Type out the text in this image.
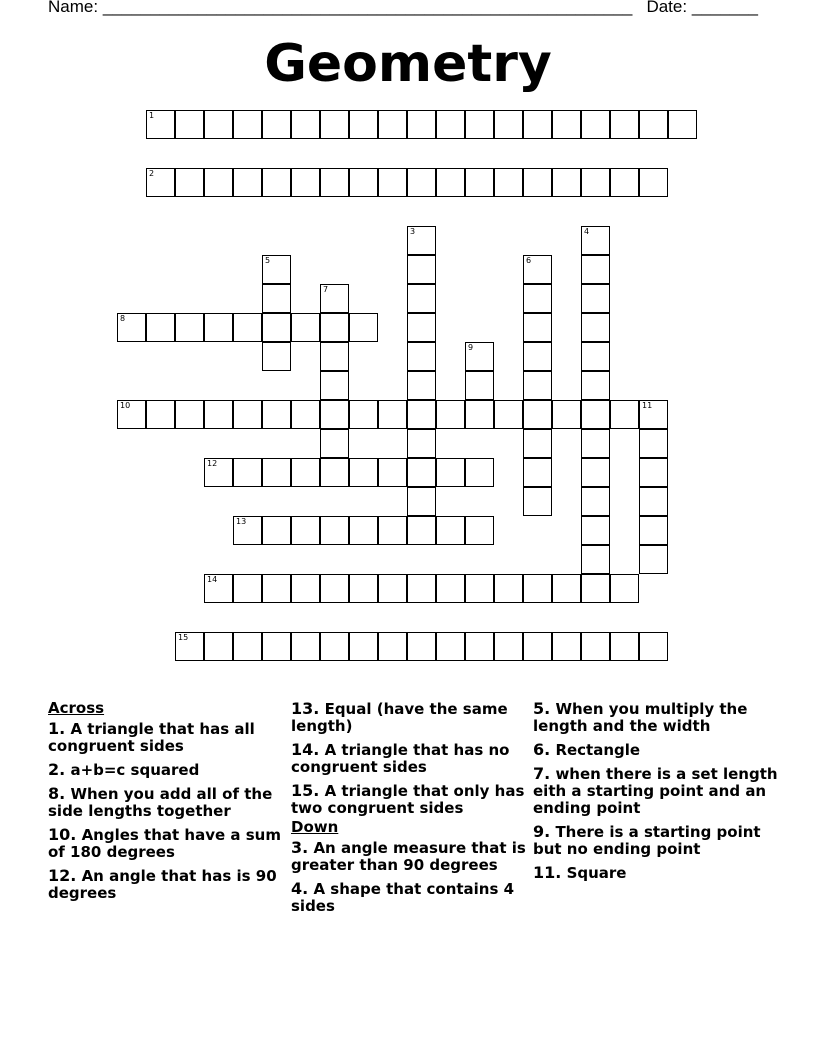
Name: ________________________________________________________ Date: _______
Geometry
1
2
3	4
5	6
7
8
9
10	11
12
13
14
15
Across
1. A triangle that has all congruent sides
2. a+b=c squared
8. When you add all of the side lengths together
10. Angles that have a sum of 180 degrees
12. An angle that has is 90 degrees
13. Equal (have the same length)
14. A triangle that has no congruent sides
15. A triangle that only has two congruent sides
Down
3. An angle measure that is greater than 90 degrees
4. A shape that contains 4 sides
5. When you multiply the length and the width
6. Rectangle
7. when there is a set length eith a starting point and an ending point
9. There is a starting point but no ending point
11. Square
